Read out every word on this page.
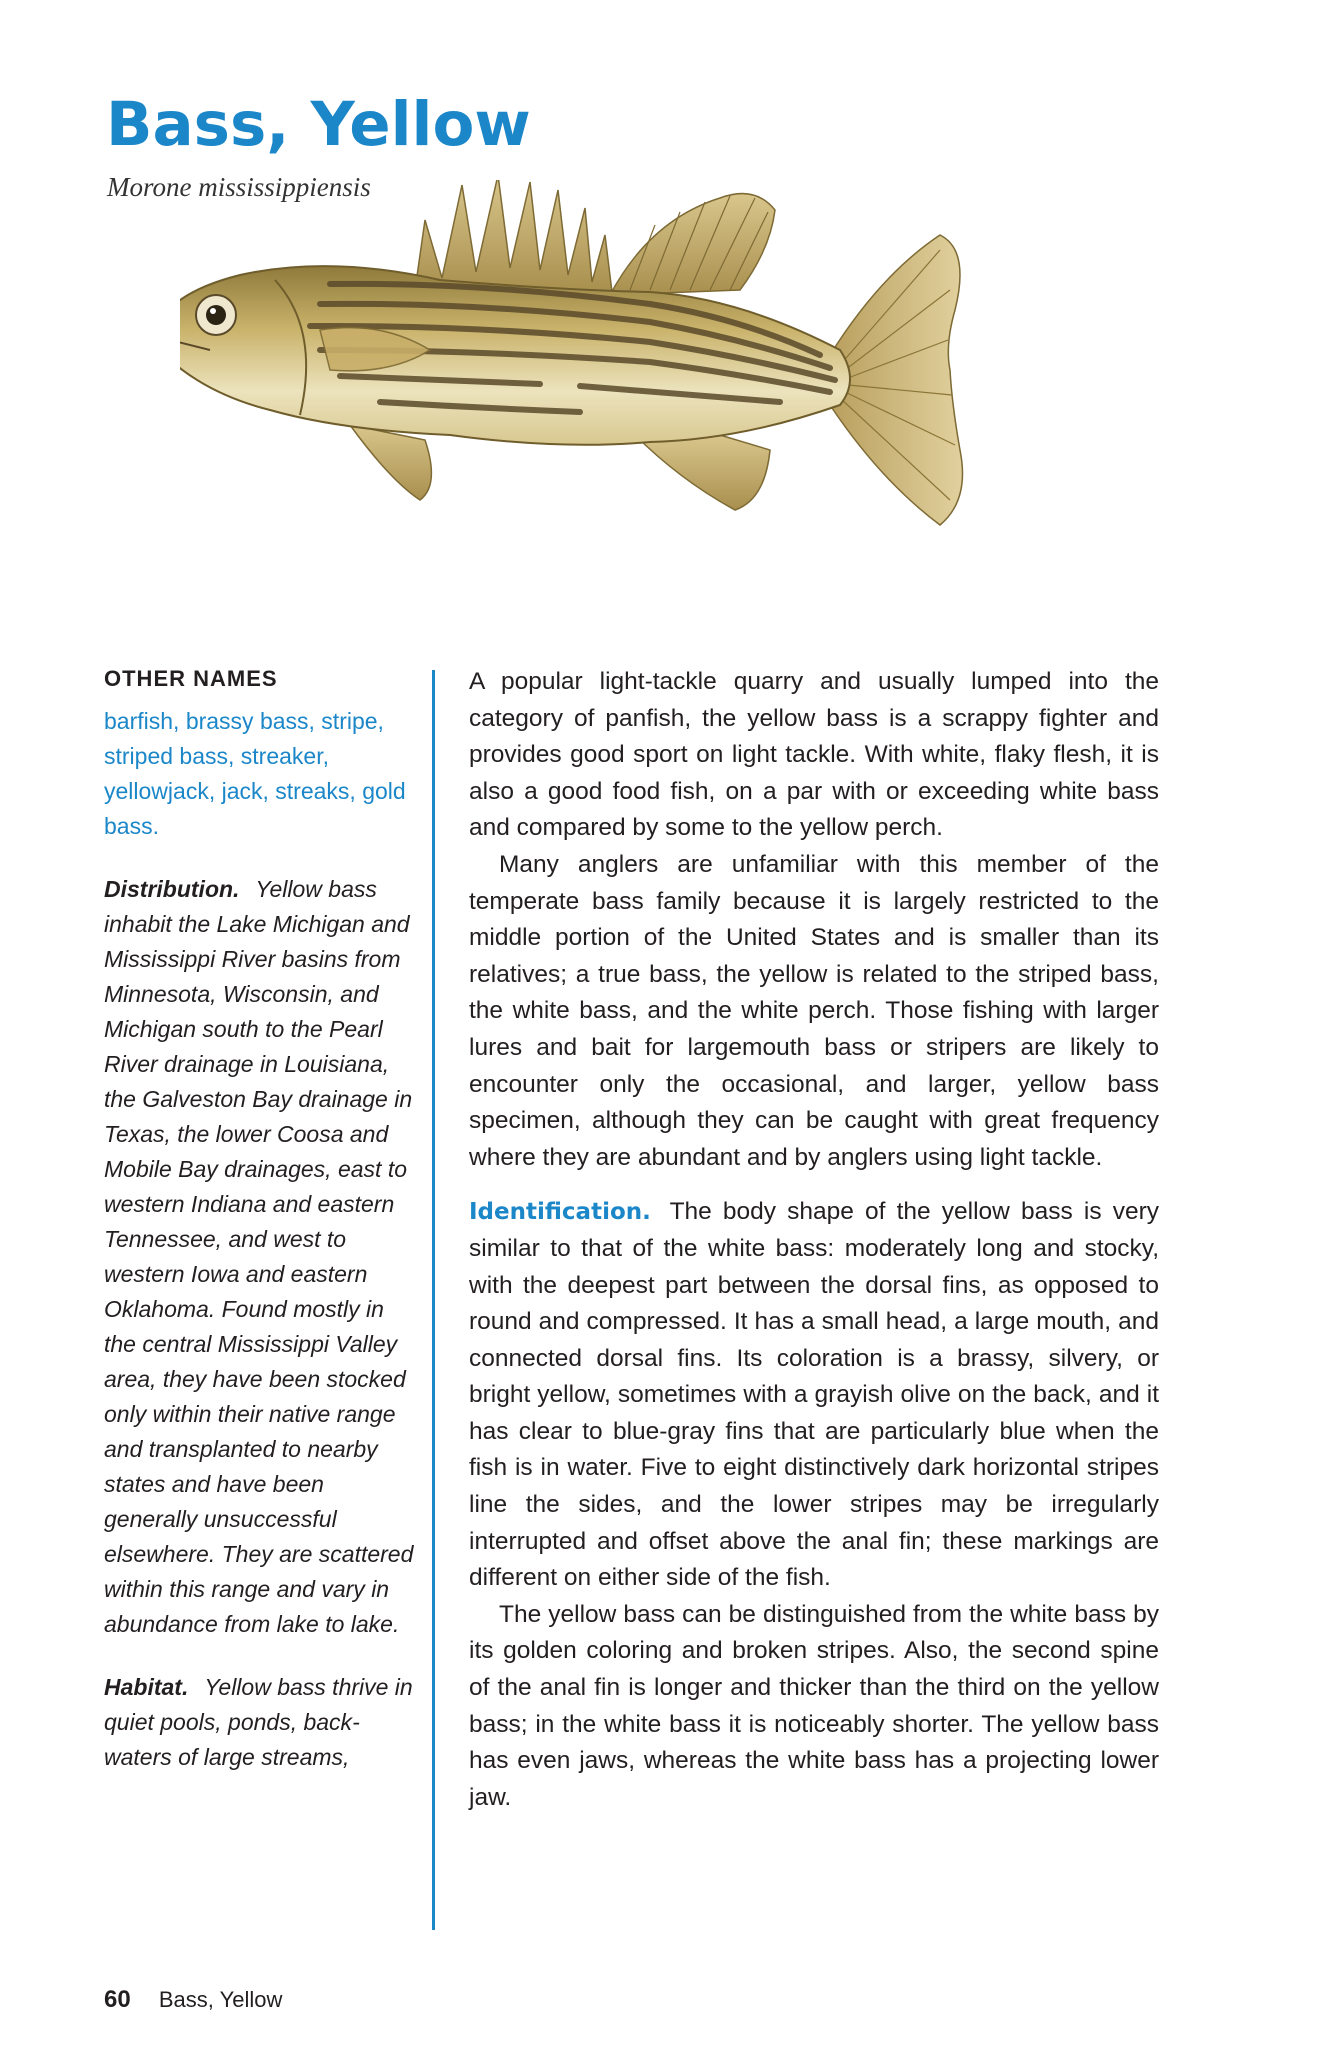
Bass, Yellow
Morone mississippiensis
OTHER NAMES
barfish, brassy bass, stripe, striped bass, streaker, yellowjack, jack, streaks, gold bass.

Distribution. Yellow bass inhabit the Lake Michigan and Mississippi River basins from Minnesota, Wisconsin, and Michigan south to the Pearl River drainage in Louisiana, the Galveston Bay drainage in Texas, the lower Coosa and Mobile Bay drainages, east to western Indiana and eastern Tennessee, and west to western Iowa and eastern Oklahoma. Found mostly in the central Mississippi Valley area, they have been stocked only within their native range and transplanted to nearby states and have been generally unsuccessful elsewhere. They are scattered within this range and vary in abundance from lake to lake.

Habitat. Yellow bass thrive in quiet pools, ponds, backwaters of large streams,

A popular light-tackle quarry and usually lumped into the category of panfish, the yellow bass is a scrappy fighter and provides good sport on light tackle. With white, flaky flesh, it is also a good food fish, on a par with or exceeding white bass and compared by some to the yellow perch.

Many anglers are unfamiliar with this member of the temperate bass family because it is largely restricted to the middle portion of the United States and is smaller than its relatives; a true bass, the yellow is related to the striped bass, the white bass, and the white perch. Those fishing with larger lures and bait for largemouth bass or stripers are likely to encounter only the occasional, and larger, yellow bass specimen, although they can be caught with great frequency where they are abundant and by anglers using light tackle.

Identification. The body shape of the yellow bass is very similar to that of the white bass: moderately long and stocky, with the deepest part between the dorsal fins, as opposed to round and compressed. It has a small head, a large mouth, and connected dorsal fins. Its coloration is a brassy, silvery, or bright yellow, sometimes with a grayish olive on the back, and it has clear to blue-gray fins that are particularly blue when the fish is in water. Five to eight distinctively dark horizontal stripes line the sides, and the lower stripes may be irregularly interrupted and offset above the anal fin; these markings are different on either side of the fish.

The yellow bass can be distinguished from the white bass by its golden coloring and broken stripes. Also, the second spine of the anal fin is longer and thicker than the third on the yellow bass; in the white bass it is noticeably shorter. The yellow bass has even jaws, whereas the white bass has a projecting lower jaw.

60 Bass, Yellow
